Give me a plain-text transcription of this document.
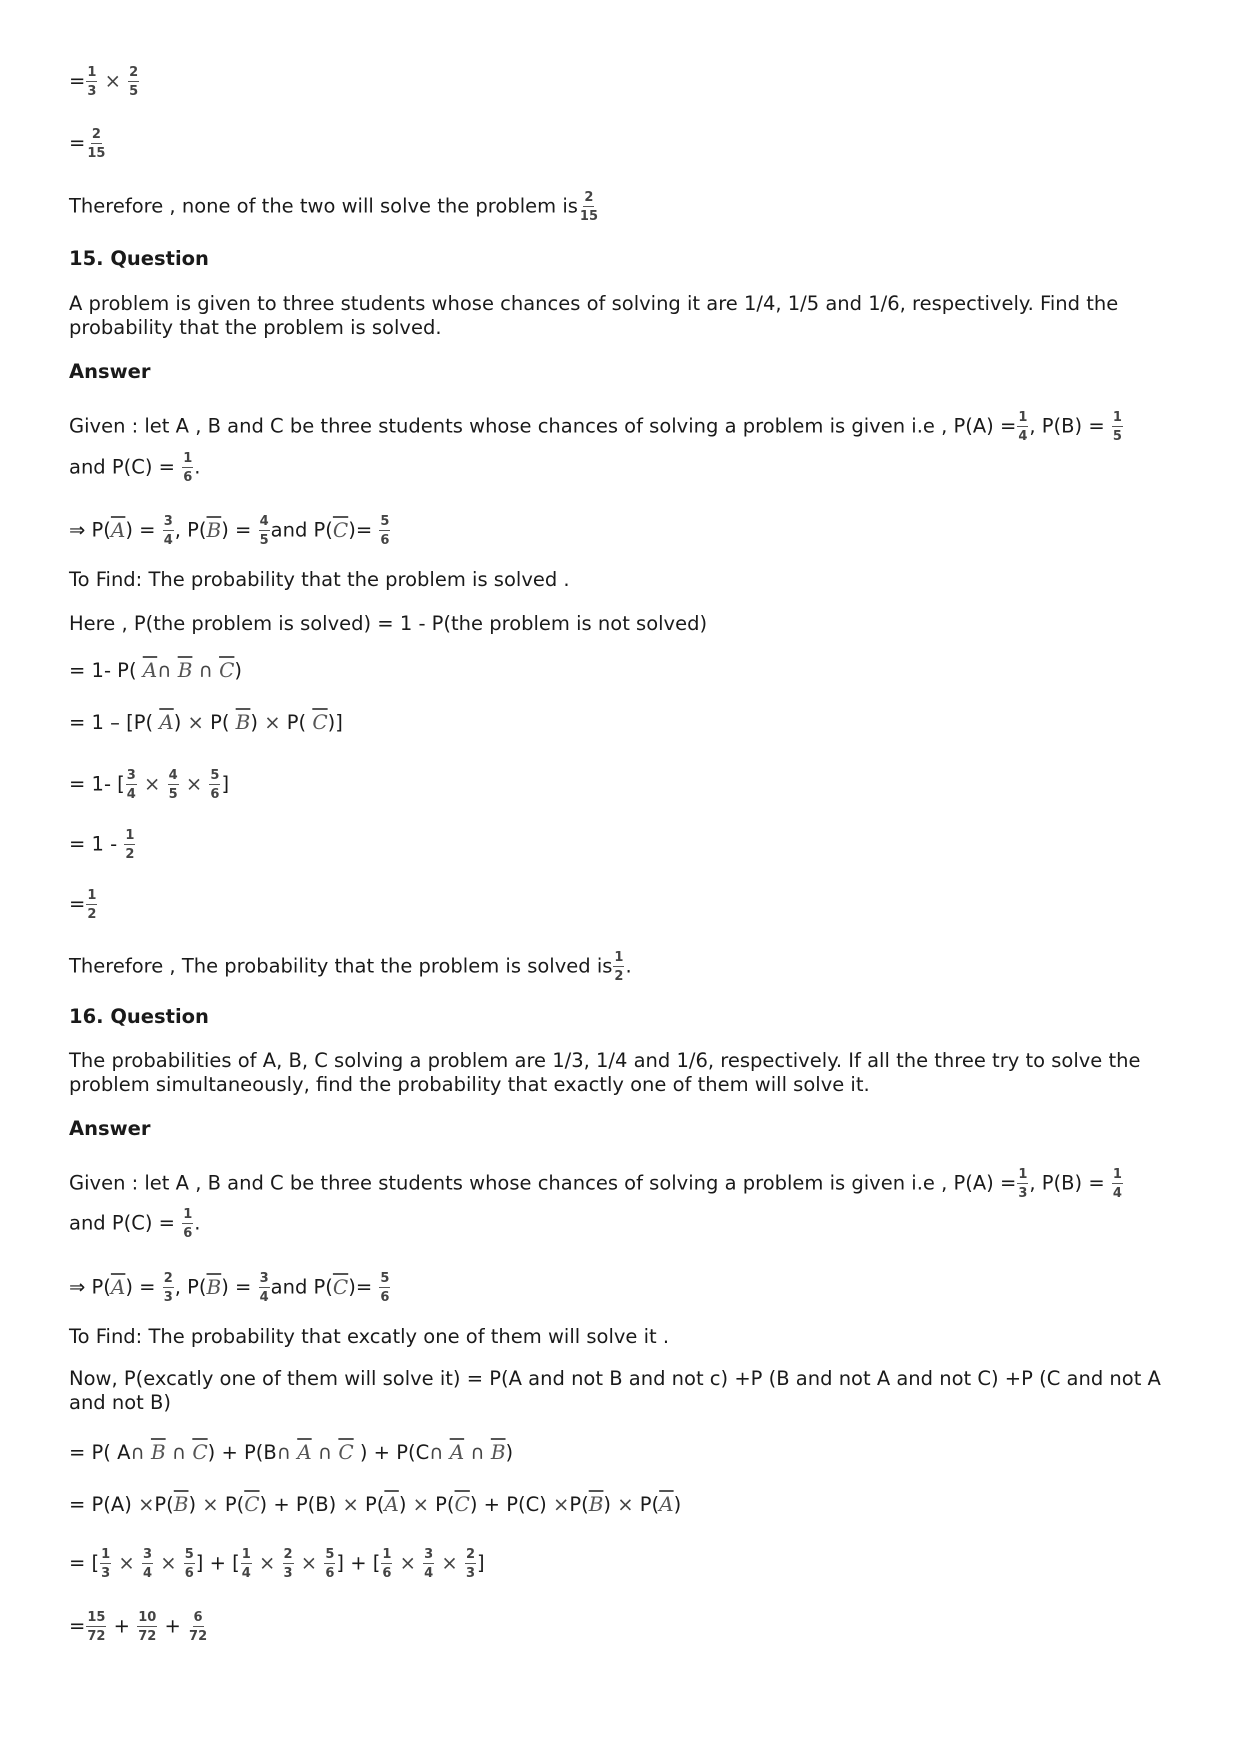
= $\frac{1}{3} \times \frac{2}{5}$
= $\frac{2}{15}$
Therefore , none of the two will solve the problem is $\frac{2}{15}$
15. Question
A problem is given to three students whose chances of solving it are 1/4, 1/5 and 1/6, respectively. Find the probability that the problem is solved.
Answer
Given : let A , B and C be three students whose chances of solving a problem is given i.e , $P(A) = \frac{1}{4}$ , $P(B) = \frac{1}{5}$
and $P(C) = \frac{1}{6}$ .
⇒ $P(\overline{A}) = \frac{3}{4}$ , $P(\overline{B}) = \frac{4}{5}$ and $P(\overline{C})= \frac{5}{6}$
To Find: The probability that the problem is solved .
Here , P(the problem is solved) = 1 - P(the problem is not solved)
= 1- P( $\overline{A}\cap$ $\overline{B}$ ∩ $\overline{C}$)
= 1 – [P( $\overline{A}) \times P$( $\overline{B}) \times P$( $\overline{C}$)]
= 1- [ $\frac{3}{4} \times \frac{4}{5} \times \frac{5}{6}$ ]
= $1 - \frac{1}{2}$
= $\frac{1}{2}$
Therefore , The probability that the problem is solved is $\frac{1}{2}$ .
16. Question
The probabilities of A, B, C solving a problem are 1/3, 1/4 and 1/6, respectively. If all the three try to solve the problem simultaneously, find the probability that exactly one of them will solve it.
Answer
Given : let A , B and C be three students whose chances of solving a problem is given i.e , $P(A) = \frac{1}{3}$ , $P(B) = \frac{1}{4}$
and $P(C) = \frac{1}{6}$ .
⇒ $P(\overline{A}) = \frac{2}{3}$ , $P(\overline{B}) = \frac{3}{4}$ and $P(\overline{C})= \frac{5}{6}$
To Find: The probability that excatly one of them will solve it .
Now, P(excatly one of them will solve it) = P(A and not B and not c) +P (B and not A and not C) +P (C and not A and not B)
= P( A∩ $\overline{B}$ ∩ $\overline{C}$) + P(B∩ $\overline{A}$ ∩ $\overline{C}$ ) + P(C∩ $\overline{A}$ ∩ $\overline{B}$)
= $P(A) \times P(\overline{B}) \times P(\overline{C}) + P(B) \times P(\overline{A}) \times P(\overline{C}) + P(C) \times P(\overline{B}) \times P(\overline{A})$
= [ $\frac{1}{3} \times \frac{3}{4} \times \frac{5}{6}$ ] + [ $\frac{1}{4} \times \frac{2}{3} \times \frac{5}{6}$ ] + [ $\frac{1}{6} \times \frac{3}{4} \times \frac{2}{3}$ ]
= $\frac{15}{72} + \frac{10}{72} + \frac{6}{72}$
